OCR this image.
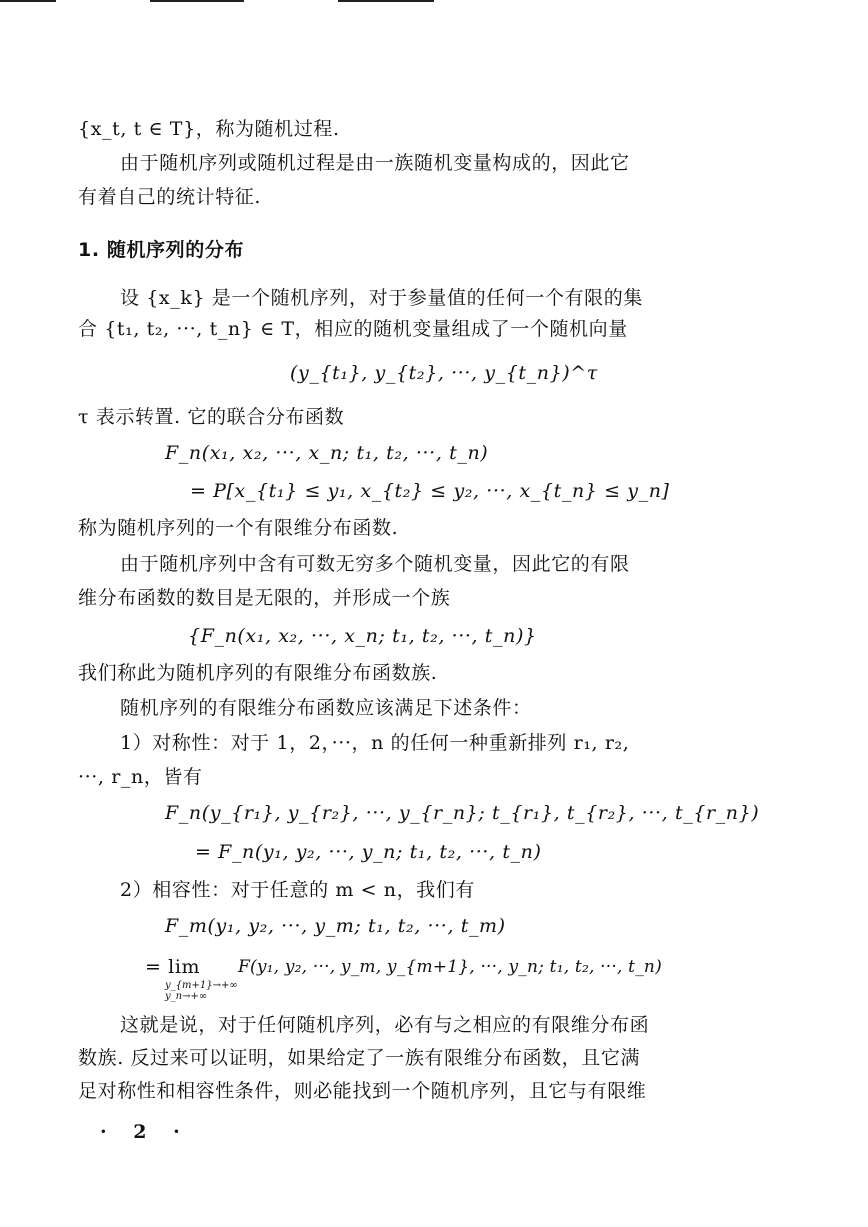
{x_t, t ∈ T}，称为随机过程.
由于随机序列或随机过程是由一族随机变量构成的，因此它
有着自己的统计特征.
1. 随机序列的分布
设 {x_k} 是一个随机序列，对于参量值的任何一个有限的集
合 {t₁, t₂, ···, t_n} ∈ T，相应的随机变量组成了一个随机向量
(y_{t₁}, y_{t₂}, ···, y_{t_n})^τ
τ 表示转置. 它的联合分布函数
F_n(x₁, x₂, ···, x_n; t₁, t₂, ···, t_n)
= P[x_{t₁} ≤ y₁, x_{t₂} ≤ y₂, ···, x_{t_n} ≤ y_n]
称为随机序列的一个有限维分布函数.
由于随机序列中含有可数无穷多个随机变量，因此它的有限
维分布函数的数目是无限的，并形成一个族
{F_n(x₁, x₂, ···, x_n; t₁, t₂, ···, t_n)}
我们称此为随机序列的有限维分布函数族.
随机序列的有限维分布函数应该满足下述条件：
1）对称性：对于 1，2，···，n 的任何一种重新排列 r₁, r₂,
···, r_n，皆有
F_n(y_{r₁}, y_{r₂}, ···, y_{r_n}; t_{r₁}, t_{r₂}, ···, t_{r_n})
= F_n(y₁, y₂, ···, y_n; t₁, t₂, ···, t_n)
2）相容性：对于任意的 m < n，我们有
F_m(y₁, y₂, ···, y_m; t₁, t₂, ···, t_m)
= lim
y_{m+1}→+∞
y_n→+∞
F(y₁, y₂, ···, y_m, y_{m+1}, ···, y_n; t₁, t₂, ···, t_n)
这就是说，对于任何随机序列，必有与之相应的有限维分布函
数族. 反过来可以证明，如果给定了一族有限维分布函数，且它满
足对称性和相容性条件，则必能找到一个随机序列，且它与有限维
· 2 ·
